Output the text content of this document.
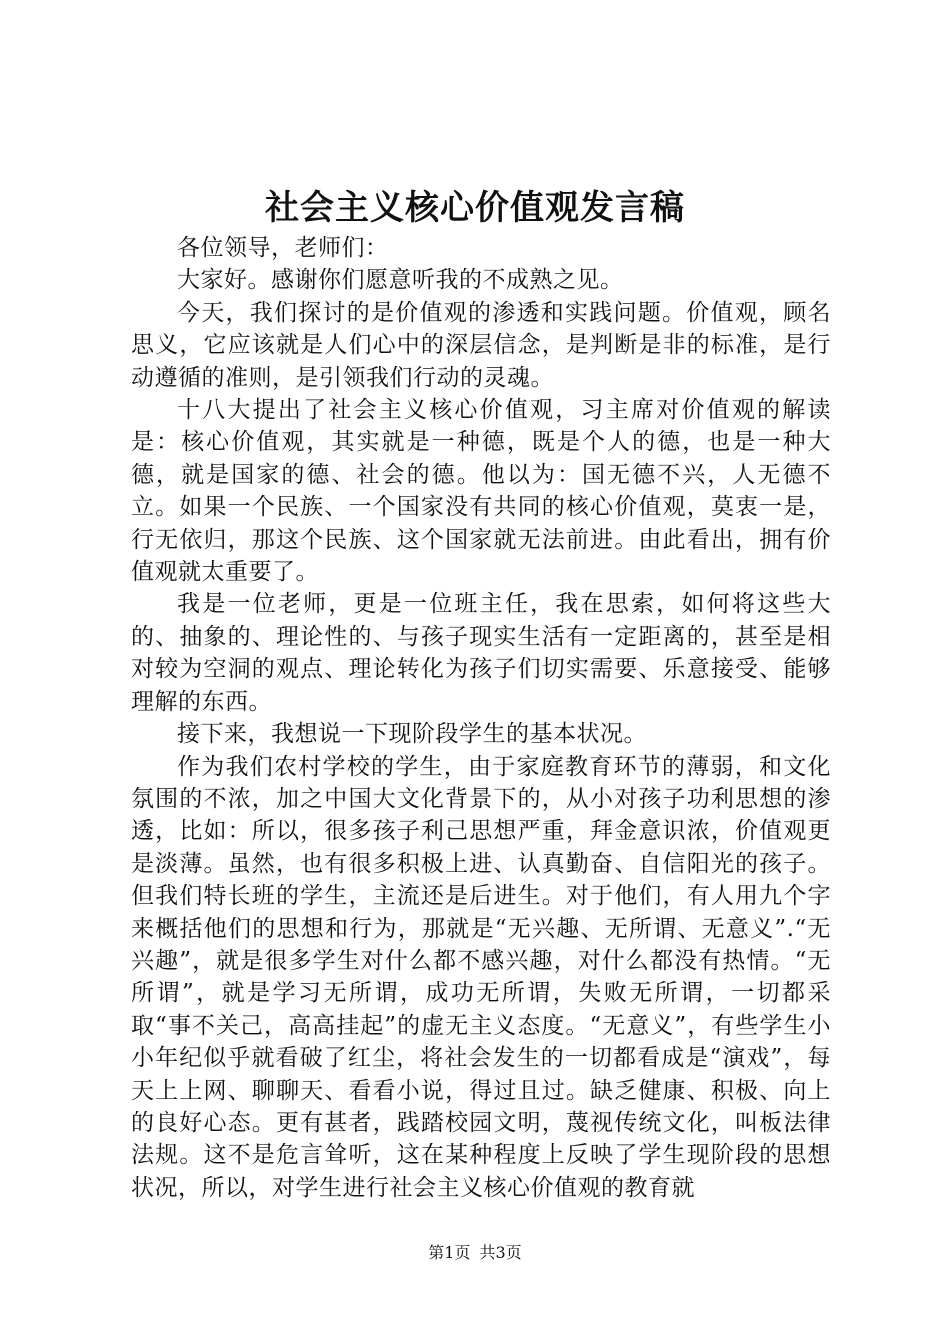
社会主义核心价值观发言稿

各位领导，老师们：

大家好。感谢你们愿意听我的不成熟之见。

今天，我们探讨的是价值观的渗透和实践问题。价值观，顾名思义，它应该就是人们心中的深层信念，是判断是非的标准，是行动遵循的准则，是引领我们行动的灵魂。

十八大提出了社会主义核心价值观，习主席对价值观的解读是：核心价值观，其实就是一种德，既是个人的德，也是一种大德，就是国家的德、社会的德。他以为：国无德不兴，人无德不立。如果一个民族、一个国家没有共同的核心价值观，莫衷一是，行无依归，那这个民族、这个国家就无法前进。由此看出，拥有价值观就太重要了。

我是一位老师，更是一位班主任，我在思索，如何将这些大的、抽象的、理论性的、与孩子现实生活有一定距离的，甚至是相对较为空洞的观点、理论转化为孩子们切实需要、乐意接受、能够理解的东西。

接下来，我想说一下现阶段学生的基本状况。

作为我们农村学校的学生，由于家庭教育环节的薄弱，和文化氛围的不浓，加之中国大文化背景下的，从小对孩子功利思想的渗透，比如：所以，很多孩子利己思想严重，拜金意识浓，价值观更是淡薄。虽然，也有很多积极上进、认真勤奋、自信阳光的孩子。但我们特长班的学生，主流还是后进生。对于他们，有人用九个字来概括他们的思想和行为，那就是“无兴趣、无所谓、无意义”.“无兴趣”，就是很多学生对什么都不感兴趣，对什么都没有热情。“无所谓”，就是学习无所谓，成功无所谓，失败无所谓，一切都采取“事不关己，高高挂起”的虚无主义态度。“无意义”，有些学生小小年纪似乎就看破了红尘，将社会发生的一切都看成是“演戏”，每天上上网、聊聊天、看看小说，得过且过。缺乏健康、积极、向上的良好心态。更有甚者，践踏校园文明，蔑视传统文化，叫板法律法规。这不是危言耸听，这在某种程度上反映了学生现阶段的思想状况，所以，对学生进行社会主义核心价值观的教育就

第1页 共3页
